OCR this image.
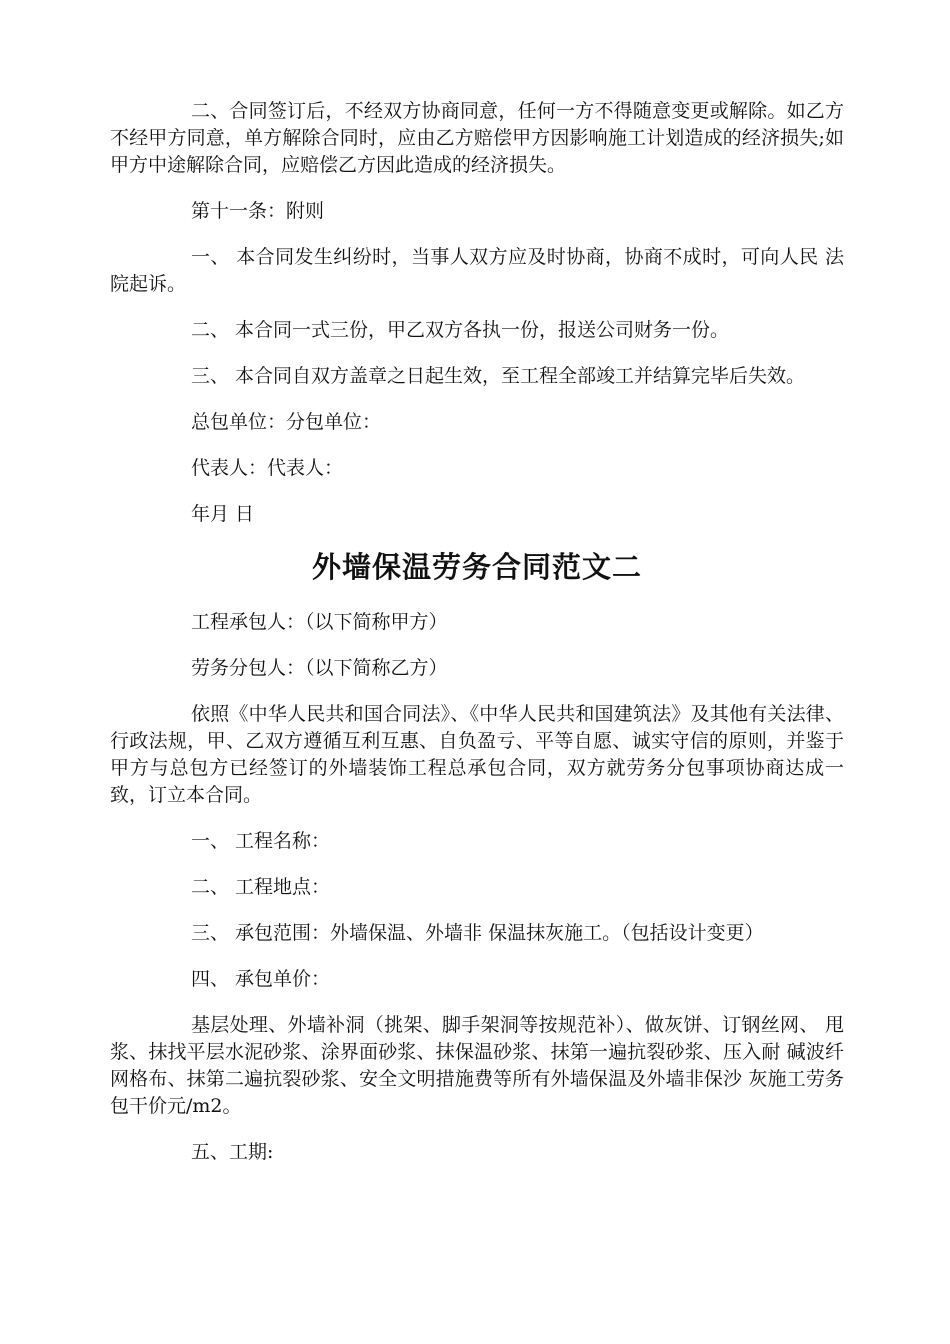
二、合同签订后，不经双方协商同意，任何一方不得随意变更或解除。如乙方不经甲方同意，单方解除合同时，应由乙方赔偿甲方因影响施工计划造成的经济损失;如甲方中途解除合同，应赔偿乙方因此造成的经济损失。

第十一条：附则

一、 本合同发生纠纷时，当事人双方应及时协商，协商不成时，可向人民 法院起诉。

二、 本合同一式三份，甲乙双方各执一份，报送公司财务一份。

三、 本合同自双方盖章之日起生效，至工程全部竣工并结算完毕后失效。

总包单位：分包单位：

代表人：代表人：

年月 日

外墙保温劳务合同范文二

工程承包人：（以下简称甲方）

劳务分包人：（以下简称乙方）

依照《中华人民共和国合同法》、《中华人民共和国建筑法》及其他有关法律、行政法规，甲、乙双方遵循互利互惠、自负盈亏、平等自愿、诚实守信的原则，并鉴于甲方与总包方已经签订的外墙装饰工程总承包合同，双方就劳务分包事项协商达成一致，订立本合同。

一、 工程名称：

二、 工程地点：

三、 承包范围：外墙保温、外墙非 保温抹灰施工。（包括设计变更）

四、 承包单价：

基层处理、外墙补洞（挑架、脚手架洞等按规范补）、做灰饼、订钢丝网、 甩浆、抹找平层水泥砂浆、涂界面砂浆、抹保温砂浆、抹第一遍抗裂砂浆、压入耐 碱波纤网格布、抹第二遍抗裂砂浆、安全文明措施费等所有外墙保温及外墙非保沙 灰施工劳务包干价元/m2。

五、工期:
